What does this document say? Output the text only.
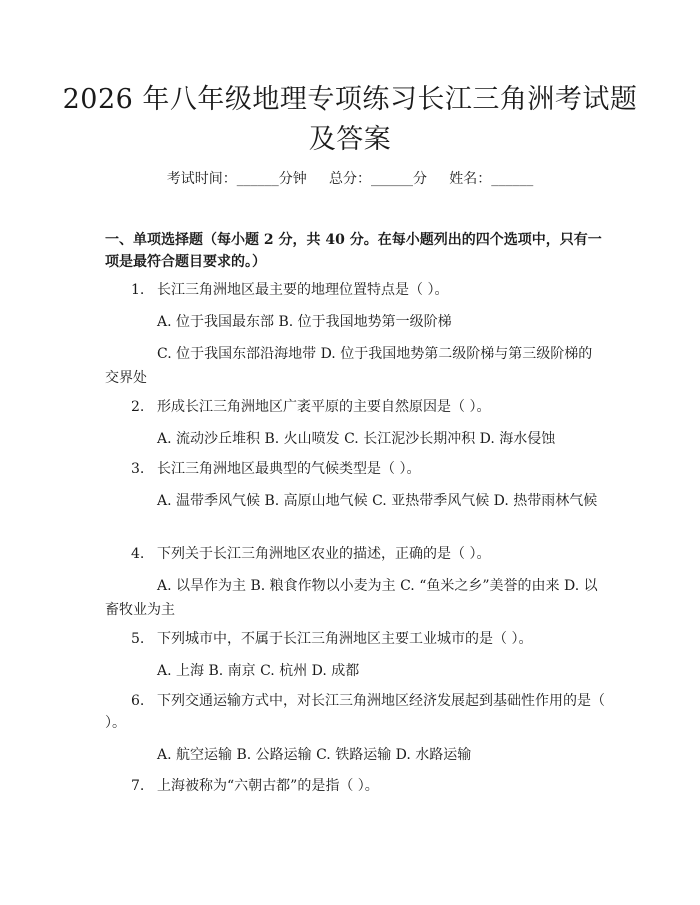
2026 年八年级地理专项练习长江三角洲考试题及答案
考试时间：______分钟     总分：______分     姓名：______
一、单项选择题（每小题 2 分，共 40 分。在每小题列出的四个选项中，只有一项是最符合题目要求的。）
1. 长江三角洲地区最主要的地理位置特点是（ ）。
A. 位于我国最东部 B. 位于我国地势第一级阶梯
C. 位于我国东部沿海地带 D. 位于我国地势第二级阶梯与第三级阶梯的交界处
2. 形成长江三角洲地区广袤平原的主要自然原因是（ ）。
A. 流动沙丘堆积 B. 火山喷发 C. 长江泥沙长期冲积 D. 海水侵蚀
3. 长江三角洲地区最典型的气候类型是（ ）。
A. 温带季风气候 B. 高原山地气候 C. 亚热带季风气候 D. 热带雨林气候
4. 下列关于长江三角洲地区农业的描述，正确的是（ ）。
A. 以旱作为主 B. 粮食作物以小麦为主 C. “鱼米之乡”美誉的由来 D. 以畜牧业为主
5. 下列城市中，不属于长江三角洲地区主要工业城市的是（ ）。
A. 上海 B. 南京 C. 杭州 D. 成都
6. 下列交通运输方式中，对长江三角洲地区经济发展起到基础性作用的是（ ）。
A. 航空运输 B. 公路运输 C. 铁路运输 D. 水路运输
7. 上海被称为“六朝古都”的是指（ ）。
